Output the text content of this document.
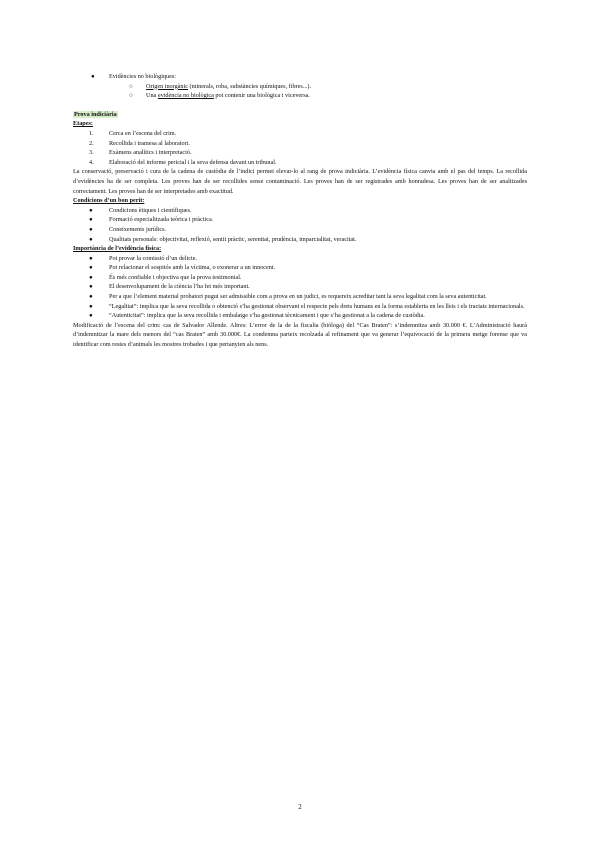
● Evidències no biològiques:
○ Origen inorgànic (minerals, roba, substàncies químiques, fibres...).
○ Una evidència no biològica pot contenir una biològica i viceversa.
Prova indiciària
Etapes:
1.	Cerca en l’escena del crim.
2.	Recollida i tramesa al laboratori.
3.	Exàmens analítics i interpretació.
4.	Elaboració del informe pericial i la seva defensa davant un tribunal.
La conservació, preservació i cura de la cadena de custòdia de l’indici permet elevar-lo al rang de prova indiciària. L’evidència física canvia amb el pas del temps. La recollida d’evidències ha de ser completa. Les proves han de ser recollides sense contaminació. Les proves han de ser registrades amb honradesa. Les proves han de ser analitzades correctament. Les proves han de ser interpretades amb exactitud.
Condicions d’un bon perit:
●	Condicions ètiques i científiques.
●	Formació especialitzada teòrica i pràctica.
●	Coneixements jurídics.
●	Qualitats personals: objectivitat, reflexió, sentit pràctic, serenitat, prudència, imparcialitat, veracitat.
Importància de l’evidència física:
●	Pot provar la comissió d’un delicte.
●	Pot relacionar el sospitós amb la víctima, o exonerar a un innocent.
●	És més confiable i objectiva que la prova testimonial.
●	El desenvolupament de la ciència l’ha fet més important.
●	Per a que l’element material probatori pugui ser admissible com a prova en un judici, es requereix acreditar tant la seva legalitat com la seva autenticitat.
●	“Legalitat”: implica que la seva recollida o obtenció s’ha gestionat observant el respecte pels drets humans en la forma establerta en les lleis i els tractats internacionals.
●	“Autenticitat”: implica que la seva recollida i embalatge s’ha gestionat tècnicament i que s’ha gestionat a la cadena de custòdia.
Modificació de l’escena del crim: cas de Salvador Allende. Altres: L’error de la de la fiscalia (biòloga) del “Cas Braten”: s’indemnitza amb 30.000 €. L’Administració haurà d’indemnitzar la mare dels menors del “cas Braten” amb 30.000€. La condemna parteix recolzada al refinament que va generar l’equivocació de la primera metge forense que va identificar com restes d’animals les mostres trobades i que pertanyien als nens.
2
